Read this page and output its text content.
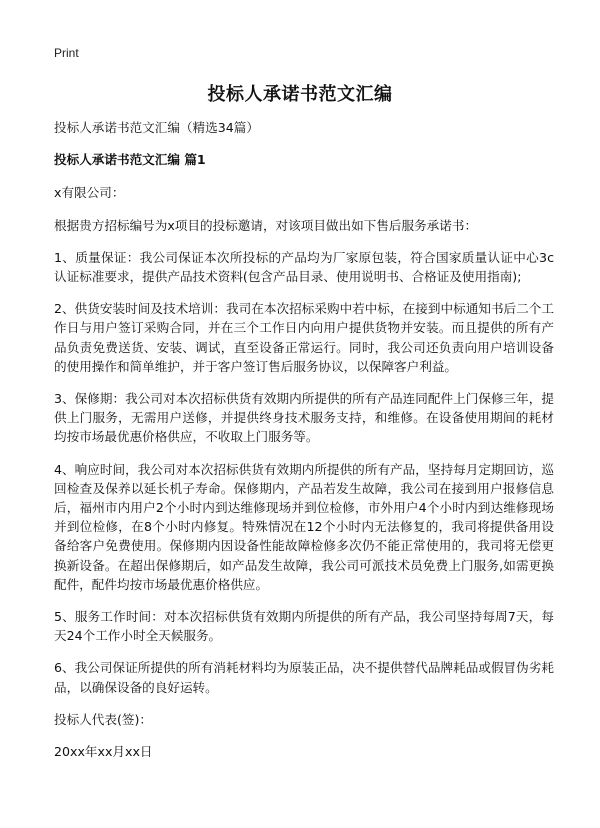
Print
投标人承诺书范文汇编

投标人承诺书范文汇编（精选34篇）

投标人承诺书范文汇编 篇1

x有限公司：

根据贵方招标编号为x项目的投标邀请，对该项目做出如下售后服务承诺书：

1、质量保证：我公司保证本次所投标的产品均为厂家原包装，符合国家质量认证中心3c认证标准要求，提供产品技术资料(包含产品目录、使用说明书、合格证及使用指南);

2、供货安装时间及技术培训：我司在本次招标采购中若中标，在接到中标通知书后二个工作日与用户签订采购合同，并在三个工作日内向用户提供货物并安装。而且提供的所有产品负责免费送货、安装、调试，直至设备正常运行。同时，我公司还负责向用户培训设备的使用操作和简单维护，并于客户签订售后服务协议，以保障客户利益。

3、保修期：我公司对本次招标供货有效期内所提供的所有产品连同配件上门保修三年，提供上门服务，无需用户送修，并提供终身技术服务支持，和维修。在设备使用期间的耗材均按市场最优惠价格供应，不收取上门服务等。

4、响应时间，我公司对本次招标供货有效期内所提供的所有产品，坚持每月定期回访，巡回检查及保养以延长机子寿命。保修期内，产品若发生故障，我公司在接到用户报修信息后，福州市内用户2个小时内到达维修现场并到位检修，市外用户4个小时内到达维修现场并到位检修，在8个小时内修复。特殊情况在12个小时内无法修复的，我司将提供备用设备给客户免费使用。保修期内因设备性能故障检修多次仍不能正常使用的，我司将无偿更换新设备。在超出保修期后，如产品发生故障，我公司可派技术员免费上门服务,如需更换配件，配件均按市场最优惠价格供应。

5、服务工作时间：对本次招标供货有效期内所提供的所有产品，我公司坚持每周7天，每天24个工作小时全天候服务。

6、我公司保证所提供的所有消耗材料均为原装正品，决不提供替代品牌耗品或假冒伪劣耗品，以确保设备的良好运转。

投标人代表(签)：

20xx年xx月xx日
